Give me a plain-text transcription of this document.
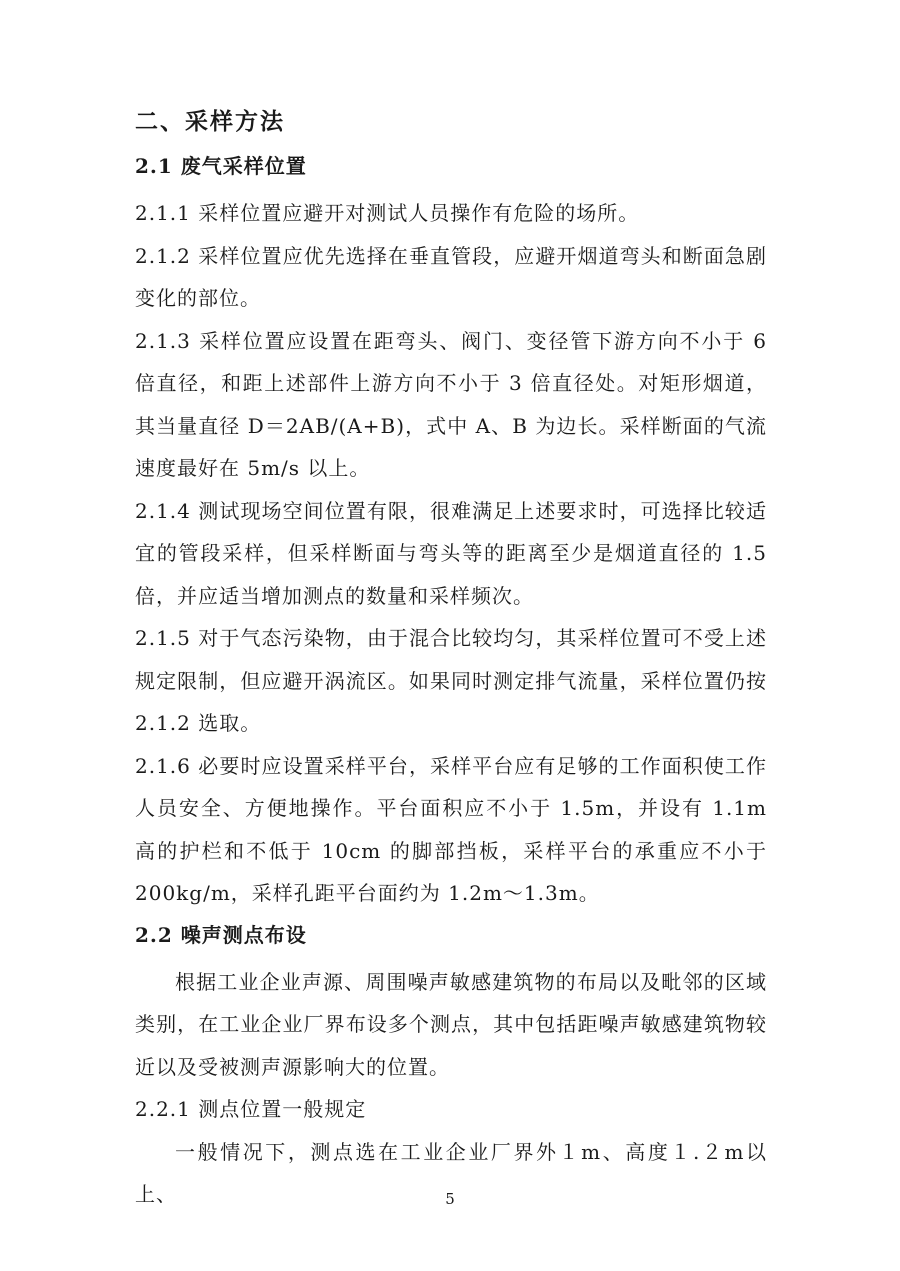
二、采样方法
2.1 废气采样位置

2.1.1 采样位置应避开对测试人员操作有危险的场所。

2.1.2 采样位置应优先选择在垂直管段，应避开烟道弯头和断面急剧变化的部位。

2.1.3 采样位置应设置在距弯头、阀门、变径管下游方向不小于 6 倍直径，和距上述部件上游方向不小于 3 倍直径处。对矩形烟道，其当量直径 D＝2AB/(A+B)，式中 A、B 为边长。采样断面的气流速度最好在 5m/s 以上。

2.1.4 测试现场空间位置有限，很难满足上述要求时，可选择比较适宜的管段采样，但采样断面与弯头等的距离至少是烟道直径的 1.5 倍，并应适当增加测点的数量和采样频次。

2.1.5 对于气态污染物，由于混合比较均匀，其采样位置可不受上述规定限制，但应避开涡流区。如果同时测定排气流量，采样位置仍按 2.1.2 选取。

2.1.6 必要时应设置采样平台，采样平台应有足够的工作面积使工作人员安全、方便地操作。平台面积应不小于 1.5m，并设有 1.1m 高的护栏和不低于 10cm 的脚部挡板，采样平台的承重应不小于 200kg/m，采样孔距平台面约为 1.2m～1.3m。

2.2 噪声测点布设

根据工业企业声源、周围噪声敏感建筑物的布局以及毗邻的区域类别，在工业企业厂界布设多个测点，其中包括距噪声敏感建筑物较近以及受被测声源影响大的位置。

2.2.1 测点位置一般规定

一般情况下，测点选在工业企业厂界外１m、高度１.２m以上、	5
